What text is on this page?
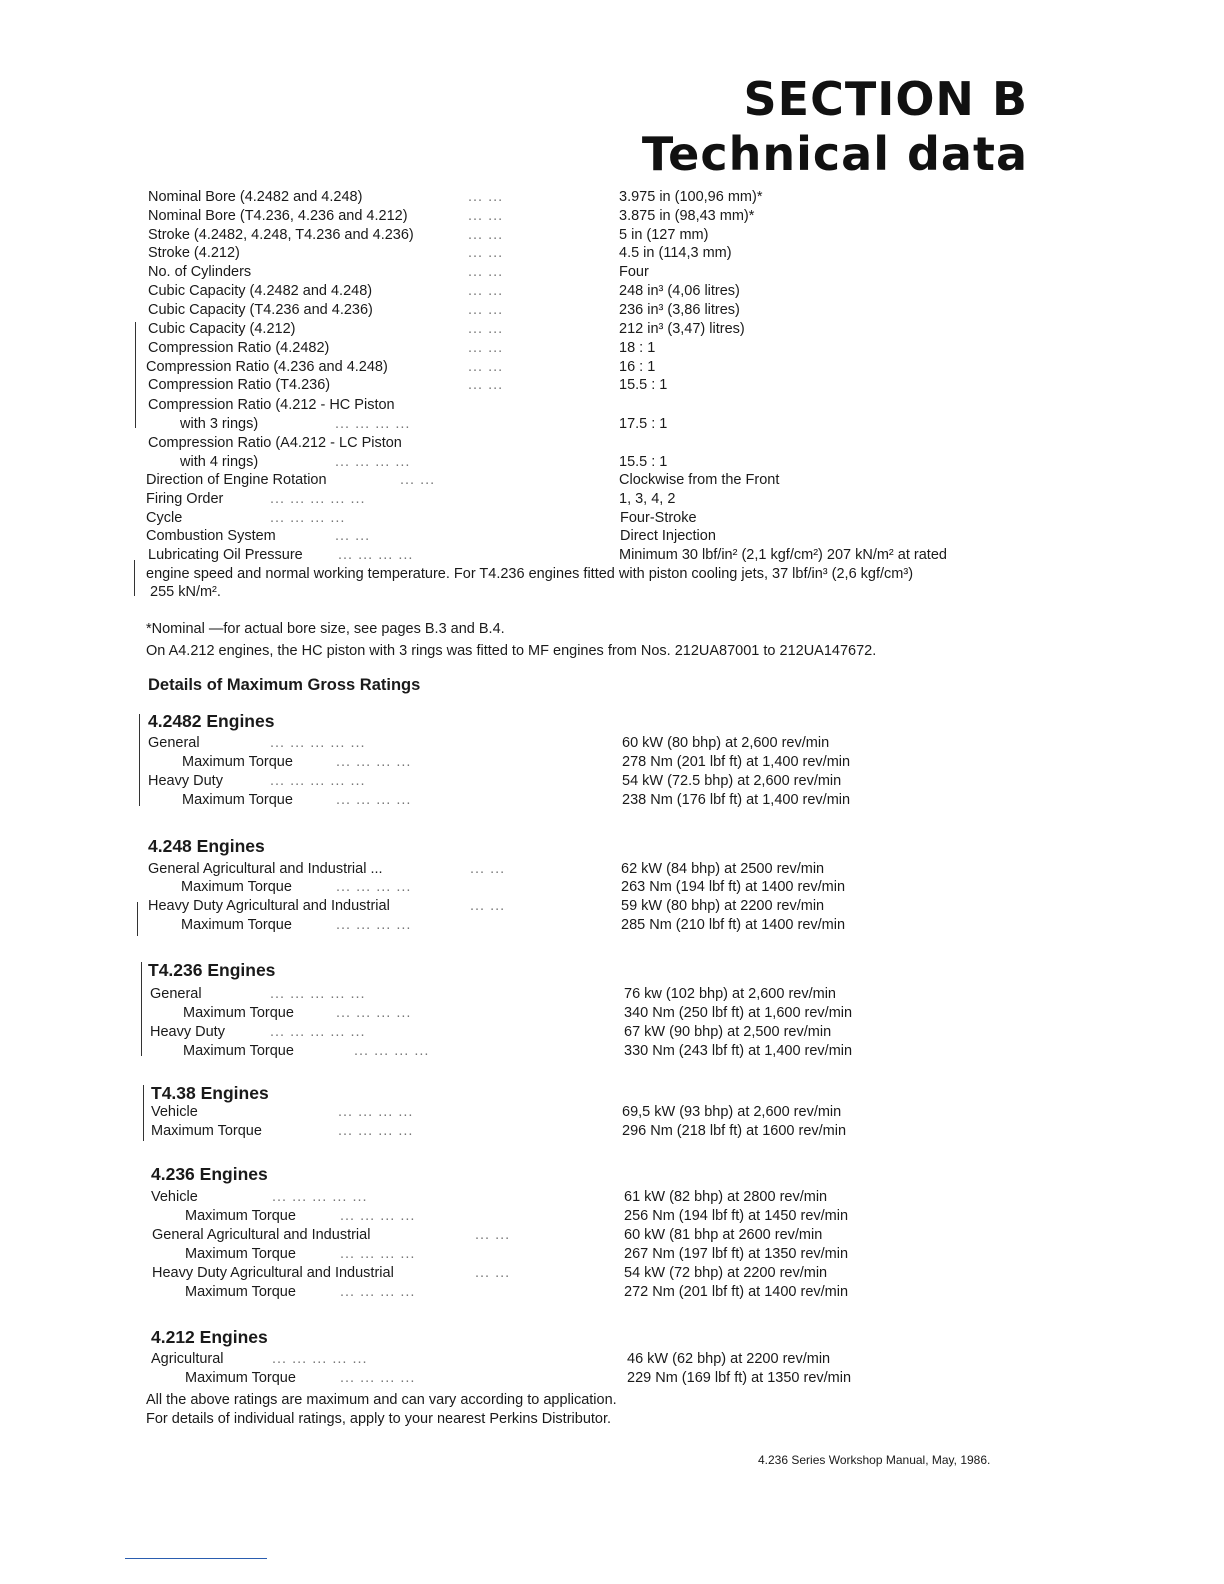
SECTION B
Technical data
Nominal Bore (4.2482 and 4.248)	... ...	3.975 in (100,96 mm)*
Nominal Bore (T4.236, 4.236 and 4.212)	... ...	3.875 in (98,43 mm)*
Stroke (4.2482, 4.248, T4.236 and 4.236)	... ...	5 in (127 mm)
Stroke (4.212)	... ...	4.5 in (114,3 mm)
No. of Cylinders	... ...	Four
Cubic Capacity (4.2482 and 4.248)	... ...	248 in³ (4,06 litres)
Cubic Capacity (T4.236 and 4.236)	... ...	236 in³ (3,86 litres)
Cubic Capacity (4.212)	... ...	212 in³ (3,47) litres)
Compression Ratio (4.2482)	... ...	18 : 1
Compression Ratio (4.236 and 4.248)	... ...	16 : 1
Compression Ratio (T4.236)	... ...	15.5 : 1
Compression Ratio (4.212 - HC Piston
with 3 rings)	... ... ... ...	17.5 : 1
Compression Ratio (A4.212 - LC Piston
with 4 rings)	... ... ... ...	15.5 : 1
Direction of Engine Rotation	... ...	Clockwise from the Front
Firing Order	... ... ... ... ...	1, 3, 4, 2
Cycle	... ... ... ...	Four-Stroke
Combustion System	... ...	Direct Injection
Lubricating Oil Pressure ... ... ... ...	Minimum 30 lbf/in² (2,1 kgf/cm²) 207 kN/m² at rated
engine speed and normal working temperature. For T4.236 engines fitted with piston cooling jets, 37 lbf/in³ (2,6 kgf/cm³)
255 kN/m².
*Nominal —for actual bore size, see pages B.3 and B.4.
On A4.212 engines, the HC piston with 3 rings was fitted to MF engines from Nos. 212UA87001 to 212UA147672.
Details of Maximum Gross Ratings
4.2482 Engines
General	... ... ... ... ...	60 kW (80 bhp) at 2,600 rev/min
Maximum Torque	... ... ... ...	278 Nm (201 lbf ft) at 1,400 rev/min
Heavy Duty	... ... ... ... ...	54 kW (72.5 bhp) at 2,600 rev/min
Maximum Torque	... ... ... ...	238 Nm (176 lbf ft) at 1,400 rev/min
4.248 Engines
General Agricultural and Industrial ...	... ...	62 kW (84 bhp) at 2500 rev/min
Maximum Torque	... ... ... ...	263 Nm (194 lbf ft) at 1400 rev/min
Heavy Duty Agricultural and Industrial	... ...	59 kW (80 bhp) at 2200 rev/min
Maximum Torque	... ... ... ...	285 Nm (210 lbf ft) at 1400 rev/min
T4.236 Engines
General	... ... ... ... ...	76 kw (102 bhp) at 2,600 rev/min
Maximum Torque	... ... ... ...	340 Nm (250 lbf ft) at 1,600 rev/min
Heavy Duty	... ... ... ... ...	67 kW (90 bhp) at 2,500 rev/min
Maximum Torque	... ... ... ...	330 Nm (243 lbf ft) at 1,400 rev/min
T4.38 Engines
Vehicle	... ... ... ...	69,5 kW (93 bhp) at 2,600 rev/min
Maximum Torque	... ... ... ...	296 Nm (218 lbf ft) at 1600 rev/min
4.236 Engines
Vehicle	... ... ... ... ...	61 kW (82 bhp) at 2800 rev/min
Maximum Torque	... ... ... ...	256 Nm (194 lbf ft) at 1450 rev/min
General Agricultural and Industrial	... ...	60 kW (81 bhp at 2600 rev/min
Maximum Torque	... ... ... ...	267 Nm (197 lbf ft) at 1350 rev/min
Heavy Duty Agricultural and Industrial	... ...	54 kW (72 bhp) at 2200 rev/min
Maximum Torque	... ... ... ...	272 Nm (201 lbf ft) at 1400 rev/min
4.212 Engines
Agricultural	... ... ... ... ...	46 kW (62 bhp) at 2200 rev/min
Maximum Torque	... ... ... ...	229 Nm (169 lbf ft) at 1350 rev/min
All the above ratings are maximum and can vary according to application.
For details of individual ratings, apply to your nearest Perkins Distributor.
4.236 Series Workshop Manual, May, 1986.
